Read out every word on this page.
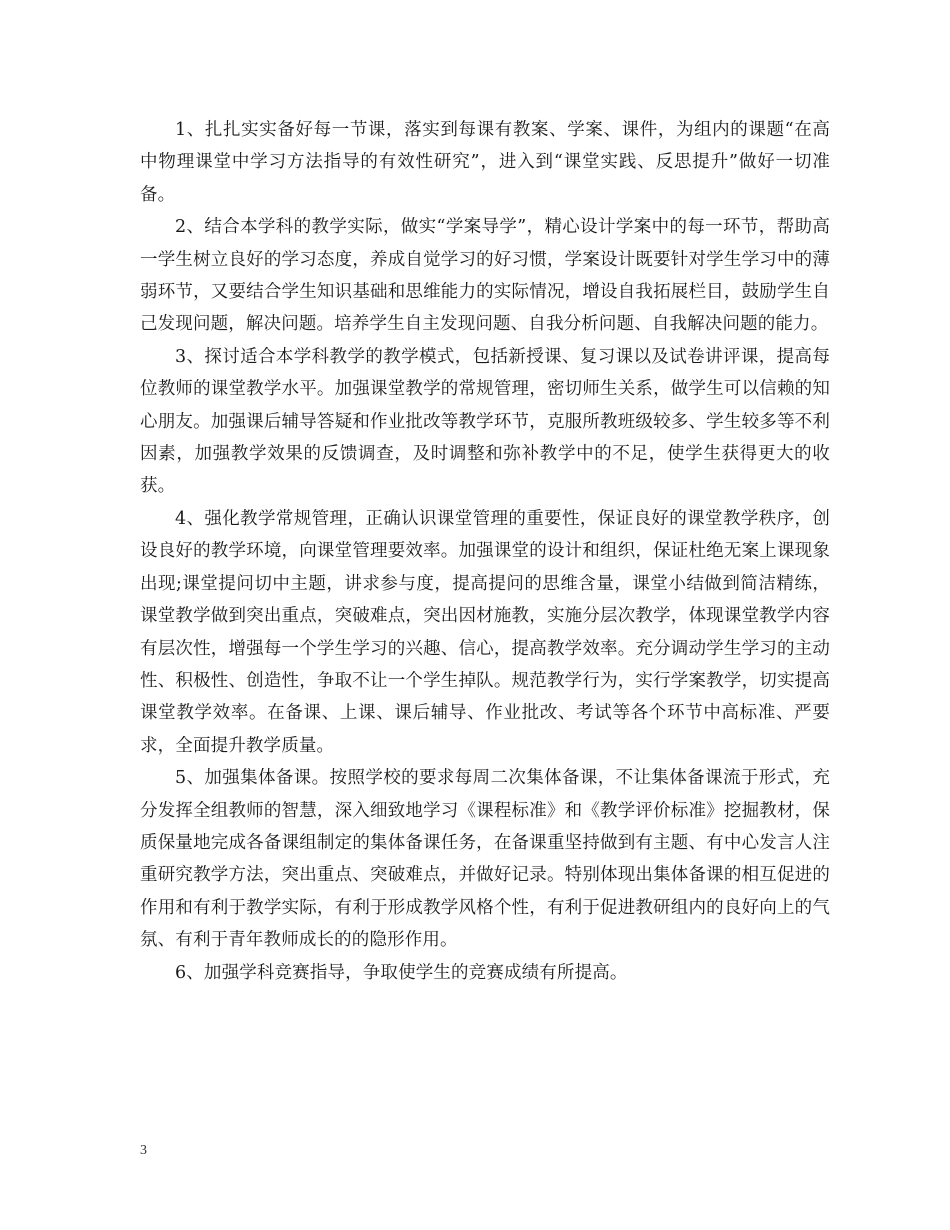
1、扎扎实实备好每一节课，落实到每课有教案、学案、课件，为组内的课题“在高中物理课堂中学习方法指导的有效性研究”，进入到“课堂实践、反思提升”做好一切准备。

2、结合本学科的教学实际，做实“学案导学”，精心设计学案中的每一环节，帮助高一学生树立良好的学习态度，养成自觉学习的好习惯，学案设计既要针对学生学习中的薄弱环节，又要结合学生知识基础和思维能力的实际情况，增设自我拓展栏目，鼓励学生自己发现问题，解决问题。培养学生自主发现问题、自我分析问题、自我解决问题的能力。

3、探讨适合本学科教学的教学模式，包括新授课、复习课以及试卷讲评课，提高每位教师的课堂教学水平。加强课堂教学的常规管理，密切师生关系，做学生可以信赖的知心朋友。加强课后辅导答疑和作业批改等教学环节，克服所教班级较多、学生较多等不利因素，加强教学效果的反馈调查，及时调整和弥补教学中的不足，使学生获得更大的收获。

4、强化教学常规管理，正确认识课堂管理的重要性，保证良好的课堂教学秩序，创设良好的教学环境，向课堂管理要效率。加强课堂的设计和组织，保证杜绝无案上课现象出现;课堂提问切中主题，讲求参与度，提高提问的思维含量，课堂小结做到简洁精练，课堂教学做到突出重点，突破难点，突出因材施教，实施分层次教学，体现课堂教学内容有层次性，增强每一个学生学习的兴趣、信心，提高教学效率。充分调动学生学习的主动性、积极性、创造性，争取不让一个学生掉队。规范教学行为，实行学案教学，切实提高课堂教学效率。在备课、上课、课后辅导、作业批改、考试等各个环节中高标准、严要求，全面提升教学质量。

5、加强集体备课。按照学校的要求每周二次集体备课，不让集体备课流于形式，充分发挥全组教师的智慧，深入细致地学习《课程标准》和《教学评价标准》挖掘教材，保质保量地完成各备课组制定的集体备课任务，在备课重坚持做到有主题、有中心发言人注重研究教学方法，突出重点、突破难点，并做好记录。特别体现出集体备课的相互促进的作用和有利于教学实际，有利于形成教学风格个性，有利于促进教研组内的良好向上的气氛、有利于青年教师成长的的隐形作用。

6、加强学科竞赛指导，争取使学生的竞赛成绩有所提高。

3
